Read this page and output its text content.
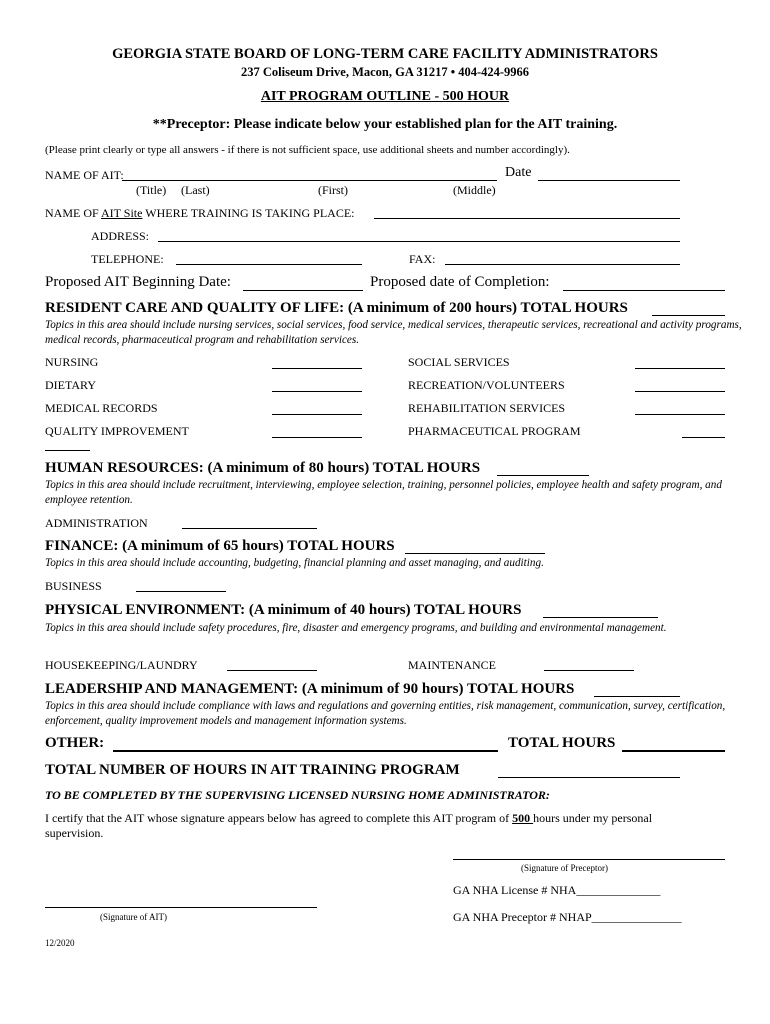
GEORGIA STATE BOARD OF LONG-TERM CARE FACILITY ADMINISTRATORS
237 Coliseum Drive, Macon, GA 31217 • 404-424-9966
AIT PROGRAM OUTLINE - 500 HOUR
**Preceptor: Please indicate below your established plan for the AIT training.
(Please print clearly or type all answers - if there is not sufficient space, use additional sheets and number accordingly).
NAME OF AIT:	Date
(Title) (Last)	(First)	(Middle)
NAME OF AIT Site WHERE TRAINING IS TAKING PLACE:
ADDRESS:
TELEPHONE:	FAX:
Proposed AIT Beginning Date:	Proposed date of Completion:
RESIDENT CARE AND QUALITY OF LIFE: (A minimum of 200 hours) TOTAL HOURS
Topics in this area should include nursing services, social services, food service, medical services, therapeutic services, recreational and activity programs, medical records, pharmaceutical program and rehabilitation services.
NURSING	SOCIAL SERVICES
DIETARY	RECREATION/VOLUNTEERS
MEDICAL RECORDS	REHABILITATION SERVICES
QUALITY IMPROVEMENT	PHARMACEUTICAL PROGRAM
HUMAN RESOURCES: (A minimum of 80 hours) TOTAL HOURS
Topics in this area should include recruitment, interviewing, employee selection, training, personnel policies, employee health and safety program, and employee retention.
ADMINISTRATION
FINANCE: (A minimum of 65 hours) TOTAL HOURS
Topics in this area should include accounting, budgeting, financial planning and asset managing, and auditing.
BUSINESS
PHYSICAL ENVIRONMENT: (A minimum of 40 hours) TOTAL HOURS
Topics in this area should include safety procedures, fire, disaster and emergency programs, and building and environmental management.
HOUSEKEEPING/LAUNDRY	MAINTENANCE
LEADERSHIP AND MANAGEMENT: (A minimum of 90 hours) TOTAL HOURS
Topics in this area should include compliance with laws and regulations and governing entities, risk management, communication, survey, certification, enforcement, quality improvement models and management information systems.
OTHER:	TOTAL HOURS
TOTAL NUMBER OF HOURS IN AIT TRAINING PROGRAM
TO BE COMPLETED BY THE SUPERVISING LICENSED NURSING HOME ADMINISTRATOR:
I certify that the AIT whose signature appears below has agreed to complete this AIT program of 500 hours under my personal
supervision.
(Signature of Preceptor)
GA NHA License # NHA______________
(Signature of AIT)	GA NHA Preceptor # NHAP_______________
12/2020
